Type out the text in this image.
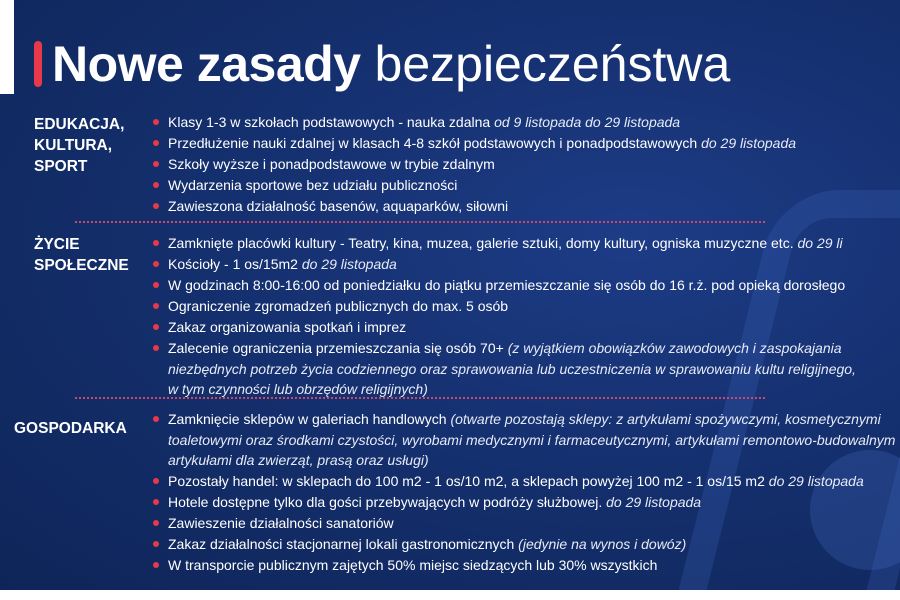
Nowe zasady bezpieczeństwa
EDUKACJA,
KULTURA,
SPORT
Klasy 1-3 w szkołach podstawowych - nauka zdalna od 9 listopada do 29 listopada
Przedłużenie nauki zdalnej w klasach 4-8 szkół podstawowych i ponadpodstawowych do 29 listopada
Szkoły wyższe i ponadpodstawowe w trybie zdalnym
Wydarzenia sportowe bez udziału publiczności
Zawieszona działalność basenów, aquaparków, siłowni
ŻYCIE
SPOŁECZNE
Zamknięte placówki kultury - Teatry, kina, muzea, galerie sztuki, domy kultury, ogniska muzyczne etc. do 29 li
Kościoły - 1 os/15m2 do 29 listopada
W godzinach 8:00-16:00 od poniedziałku do piątku przemieszczanie się osób do 16 r.ż. pod opieką dorosłego
Ograniczenie zgromadzeń publicznych do max. 5 osób
Zakaz organizowania spotkań i imprez
Zalecenie ograniczenia przemieszczania się osób 70+ (z wyjątkiem obowiązków zawodowych i zaspokajania
niezbędnych potrzeb życia codziennego oraz sprawowania lub uczestniczenia w sprawowaniu kultu religijnego,
w tym czynności lub obrzędów religijnych)
GOSPODARKA
Zamknięcie sklepów w galeriach handlowych (otwarte pozostają sklepy: z artykułami spożywczymi, kosmetycznymi
toaletowymi oraz środkami czystości, wyrobami medycznymi i farmaceutycznymi, artykułami remontowo-budowalnym
artykułami dla zwierząt, prasą oraz usługi)
Pozostały handel: w sklepach do 100 m2 - 1 os/10 m2, a sklepach powyżej 100 m2 - 1 os/15 m2 do 29 listopada
Hotele dostępne tylko dla gości przebywających w podróży służbowej. do 29 listopada
Zawieszenie działalności sanatoriów
Zakaz działalności stacjonarnej lokali gastronomicznych (jedynie na wynos i dowóz)
W transporcie publicznym zajętych 50% miejsc siedzących lub 30% wszystkich
